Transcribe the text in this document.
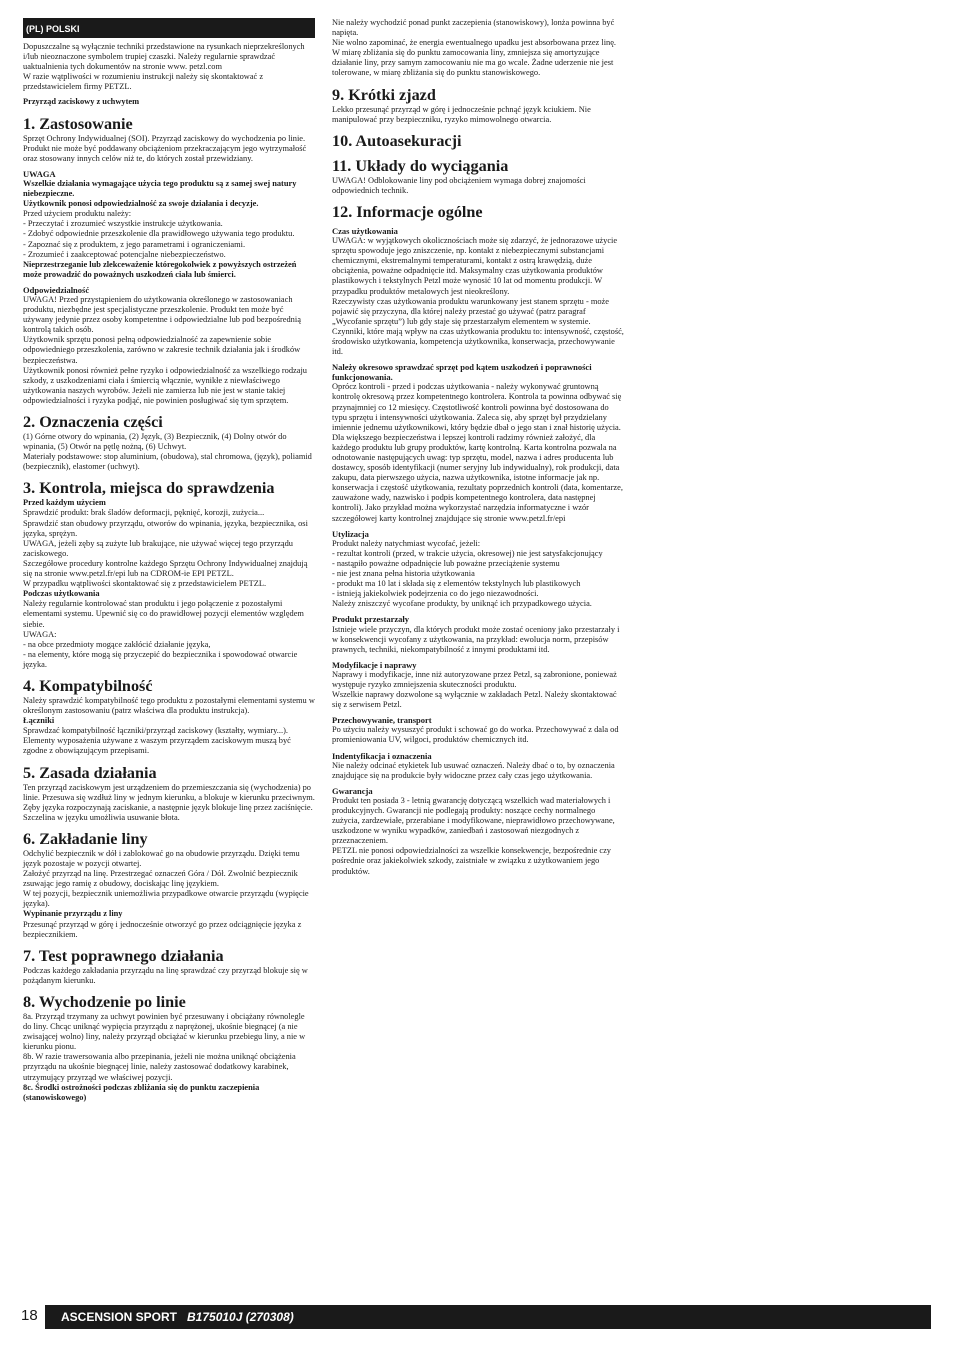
(PL) POLSKI

Dopuszczalne są wyłącznie techniki przedstawione na rysunkach nieprzekreślonych i/lub nieoznaczone symbolem trupiej czaszki. Należy regularnie sprawdzać uaktualnienia tych dokumentów na stronie www. petzl.com

W razie wątpliwości w rozumieniu instrukcji należy się skontaktować z przedstawicielem firmy PETZL.

Przyrząd zaciskowy z uchwytem

1. Zastosowanie

Sprzęt Ochrony Indywidualnej (SOI). Przyrząd zaciskowy do wychodzenia po linie.

Produkt nie może być poddawany obciążeniom przekraczającym jego wytrzymałość oraz stosowany innych celów niż te, do których został przewidziany.

UWAGA

Wszelkie działania wymagające użycia tego produktu są z samej swej natury niebezpieczne.

Użytkownik ponosi odpowiedzialność za swoje działania i decyzje.

Przed użyciem produktu należy:

- Przeczytać i zrozumieć wszystkie instrukcje użytkowania.

- Zdobyć odpowiednie przeszkolenie dla prawidłowego używania tego produktu.

- Zapoznać się z produktem, z jego parametrami i ograniczeniami.

- Zrozumieć i zaakceptować potencjalne niebezpieczeństwo.

Nieprzestrzeganie lub zlekceważenie któregokolwiek z powyższych ostrzeżeń może prowadzić do poważnych uszkodzeń ciała lub śmierci.

Odpowiedzialność

UWAGA! Przed przystąpieniem do użytkowania określonego w zastosowaniach produktu, niezbędne jest specjalistyczne przeszkolenie. Produkt ten może być używany jedynie przez osoby kompetentne i odpowiedzialne lub pod bezpośrednią kontrolą takich osób.

Użytkownik sprzętu ponosi pełną odpowiedzialność za zapewnienie sobie odpowiedniego przeszkolenia, zarówno w zakresie technik działania jak i środków bezpieczeństwa.

Użytkownik ponosi również pełne ryzyko i odpowiedzialność za wszelkiego rodzaju szkody, z uszkodzeniami ciała i śmiercią włącznie, wynikłe z niewłaściwego użytkowania naszych wyrobów. Jeżeli nie zamierza lub nie jest w stanie takiej odpowiedzialności i ryzyka podjąć, nie powinien posługiwać się tym sprzętem.

2. Oznaczenia części

(1) Górne otwory do wpinania, (2) Język, (3) Bezpiecznik, (4) Dolny otwór do wpinania, (5) Otwór na pętlę nożną, (6) Uchwyt.

Materiały podstawowe: stop aluminium, (obudowa), stal chromowa, (język), poliamid (bezpiecznik), elastomer (uchwyt).

3. Kontrola, miejsca do sprawdzenia

Przed każdym użyciem

Sprawdzić produkt: brak śladów deformacji, pęknięć, korozji, zużycia...

Sprawdzić stan obudowy przyrządu, otworów do wpinania, języka, bezpiecznika, osi języka, sprężyn.

UWAGA, jeżeli zęby są zużyte lub brakujące, nie używać więcej tego przyrządu zaciskowego.

Szczegółowe procedury kontrolne każdego Sprzętu Ochrony Indywidualnej znajdują się na stronie www.petzl.fr/epi lub na CDROM-ie EPI PETZL.

W przypadku wątpliwości skontaktować się z przedstawicielem PETZL.

Podczas użytkowania

Należy regularnie kontrolować stan produktu i jego połączenie z pozostałymi elementami systemu. Upewnić się co do prawidłowej pozycji elementów względem siebie.

UWAGA:

- na obce przedmioty mogące zakłócić działanie języka,

- na elementy, które mogą się przyczepić do bezpiecznika i spowodować otwarcie języka.

4. Kompatybilność

Należy sprawdzić kompatybilność tego produktu z pozostałymi elementami systemu w określonym zastosowaniu (patrz właściwa dla produktu instrukcja).

Łączniki

Sprawdzać kompatybilność łączniki/przyrząd zaciskowy (kształty, wymiary...).

Elementy wyposażenia używane z waszym przyrządem zaciskowym muszą być zgodne z obowiązującym przepisami.

5. Zasada działania

Ten przyrząd zaciskowym jest urządzeniem do przemieszczania się (wychodzenia) po linie. Przesuwa się wzdłuż liny w jednym kierunku, a blokuje w kierunku przeciwnym.

Zęby języka rozpoczynają zaciskanie, a następnie język blokuje linę przez zaciśnięcie. Szczelina w języku umożliwia usuwanie błota.

6. Zakładanie liny

Odchylić bezpiecznik w dół i zablokować go na obudowie przyrządu. Dzięki temu język pozostaje w pozycji otwartej.

Założyć przyrząd na linę. Przestrzegać oznaczeń Góra / Dół. Zwolnić bezpiecznik zsuwając jego ramię z obudowy, dociskając linę językiem.

W tej pozycji, bezpiecznik uniemożliwia przypadkowe otwarcie przyrządu (wypięcie języka).

Wypinanie przyrządu z liny

Przesunąć przyrząd w górę i jednocześnie otworzyć go przez odciągnięcie języka z bezpiecznikiem.

7. Test poprawnego działania

Podczas każdego zakładania przyrządu na linę sprawdzać czy przyrząd blokuje się w pożądanym kierunku.

8. Wychodzenie po linie

8a. Przyrząd trzymany za uchwyt powinien być przesuwany i obciążany równolegle do liny. Chcąc uniknąć wypięcia przyrządu z naprężonej, ukośnie biegnącej (a nie zwisającej wolno) liny, należy przyrząd obciążać w kierunku przebiegu liny, a nie w kierunku pionu.

8b. W razie trawersowania albo przepinania, jeżeli nie można uniknąć obciążenia przyrządu na ukośnie biegnącej linie, należy zastosować dodatkowy karabinek, utrzymujący przyrząd we właściwej pozycji.

8c. Środki ostrożności podczas zbliżania się do punktu zaczepienia (stanowiskowego)

Nie należy wychodzić ponad punkt zaczepienia (stanowiskowy), lonża powinna być napięta.

Nie wolno zapominać, że energia ewentualnego upadku jest absorbowana przez linę. W miarę zbliżania się do punktu zamocowania liny, zmniejsza się amortyzujące działanie liny, przy samym zamocowaniu nie ma go wcale. Żadne uderzenie nie jest tolerowane, w miarę zbliżania się do punktu stanowiskowego.

9. Krótki zjazd

Lekko przesunąć przyrząd w górę i jednocześnie pchnąć język kciukiem. Nie manipulować przy bezpieczniku, ryzyko mimowolnego otwarcia.

10. Autoasekuracji
11. Układy do wyciągania

UWAGA! Odblokowanie liny pod obciążeniem wymaga dobrej znajomości odpowiednich technik.

12. Informacje ogólne

Czas użytkowania

UWAGA: w wyjątkowych okolicznościach może się zdarzyć, że jednorazowe użycie sprzętu spowoduje jego zniszczenie, np. kontakt z niebezpiecznymi substancjami chemicznymi, ekstremalnymi temperaturami, kontakt z ostrą krawędzią, duże obciążenia, poważne odpadnięcie itd. Maksymalny czas użytkowania produktów plastikowych i tekstylnych Petzl może wynosić 10 lat od momentu produkcji. W przypadku produktów metalowych jest nieokreślony.

Rzeczywisty czas użytkowania produktu warunkowany jest stanem sprzętu - może pojawić się przyczyna, dla której należy przestać go używać (patrz paragraf „Wycofanie sprzętu”) lub gdy staje się przestarzałym elementem w systemie.

Czynniki, które mają wpływ na czas użytkowania produktu to: intensywność, częstość, środowisko użytkowania, kompetencja użytkownika, konserwacja, przechowywanie itd.

Należy okresowo sprawdzać sprzęt pod kątem uszkodzeń i poprawności funkcjonowania.

Oprócz kontroli - przed i podczas użytkowania - należy wykonywać gruntowną kontrolę okresową przez kompetentnego kontrolera. Kontrola ta powinna odbywać się przynajmniej co 12 miesięcy. Częstotliwość kontroli powinna być dostosowana do typu sprzętu i intensywności użytkowania. Zaleca się, aby sprzęt był przydzielany imiennie jednemu użytkownikowi, który będzie dbał o jego stan i znał historię użycia. Dla większego bezpieczeństwa i lepszej kontroli radzimy również założyć, dla każdego produktu lub grupy produktów, kartę kontrolną. Karta kontrolna pozwala na odnotowanie następujących uwag: typ sprzętu, model, nazwa i adres producenta lub dostawcy, sposób identyfikacji (numer seryjny lub indywidualny), rok produkcji, data zakupu, data pierwszego użycia, nazwa użytkownika, istotne informacje jak np. konserwacja i częstość użytkowania, rezultaty poprzednich kontroli (data, komentarze, zauważone wady, nazwisko i podpis kompetentnego kontrolera, data następnej kontroli). Jako przykład można wykorzystać narzędzia informatyczne i wzór szczegółowej karty kontrolnej znajdujące się stronie www.petzl.fr/epi

Utylizacja

Produkt należy natychmiast wycofać, jeżeli:

- rezultat kontroli (przed, w trakcie użycia, okresowej) nie jest satysfakcjonujący

- nastąpiło poważne odpadnięcie lub poważne przeciążenie systemu

- nie jest znana pełna historia użytkowania

- produkt ma 10 lat i składa się z elementów tekstylnych lub plastikowych

- istnieją jakiekolwiek podejrzenia co do jego niezawodności.

Należy zniszczyć wycofane produkty, by uniknąć ich przypadkowego użycia.

Produkt przestarzały

Istnieje wiele przyczyn, dla których produkt może zostać oceniony jako przestarzały i w konsekwencji wycofany z użytkowania, na przykład: ewolucja norm, przepisów prawnych, techniki, niekompatybilność z innymi produktami itd.

Modyfikacje i naprawy

Naprawy i modyfikacje, inne niż autoryzowane przez Petzl, są zabronione, ponieważ występuje ryzyko zmniejszenia skuteczności produktu.

Wszelkie naprawy dozwolone są wyłącznie w zakładach Petzl. Należy skontaktować się z serwisem Petzl.

Przechowywanie, transport

Po użyciu należy wysuszyć produkt i schować go do worka. Przechowywać z dala od promieniowania UV, wilgoci, produktów chemicznych itd.

Indentyfikacja i oznaczenia

Nie należy odcinać etykietek lub usuwać oznaczeń. Należy dbać o to, by oznaczenia znajdujące się na produkcie były widoczne przez cały czas jego użytkowania.

Gwarancja

Produkt ten posiada 3 - letnią gwarancję dotyczącą wszelkich wad materiałowych i produkcyjnych. Gwarancji nie podlegają produkty: noszące cechy normalnego zużycia, zardzewiałe, przerabiane i modyfikowane, nieprawidłowo przechowywane, uszkodzone w wyniku wypadków, zaniedbań i zastosowań niezgodnych z przeznaczeniem.

PETZL nie ponosi odpowiedzialności za wszelkie konsekwencje, bezpośrednie czy pośrednie oraz jakiekolwiek szkody, zaistniałe w związku z użytkowaniem jego produktów.

18 ASCENSION SPORT B175010J (270308)
